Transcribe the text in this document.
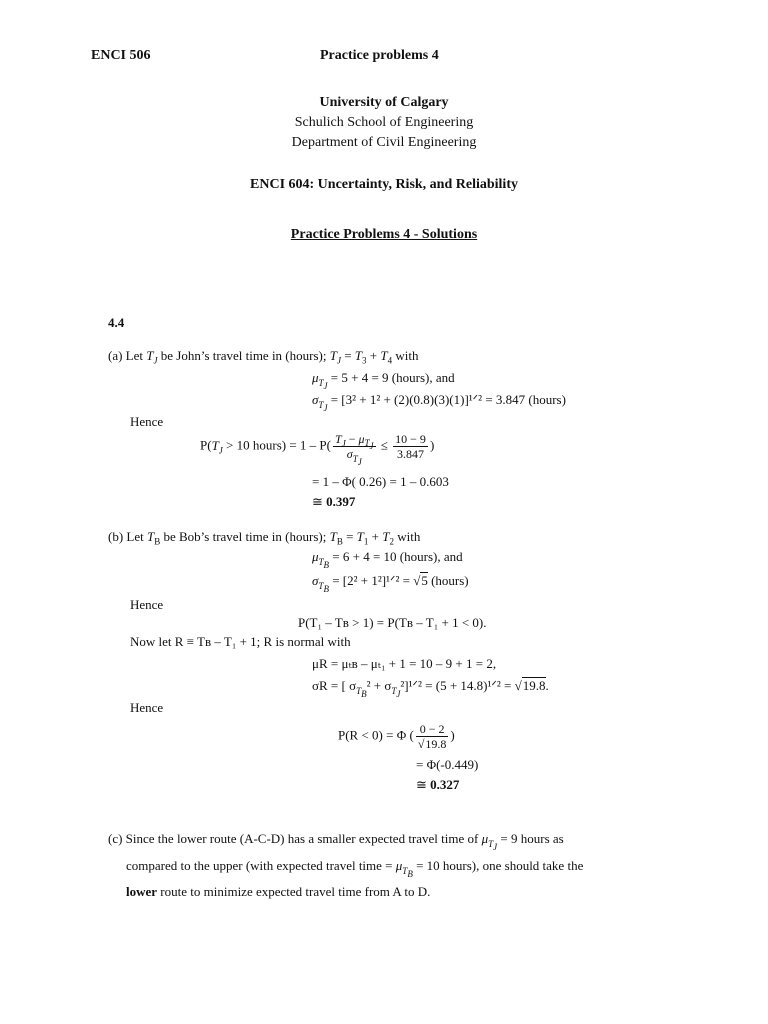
ENCI 506	Practice problems 4
University of Calgary
Schulich School of Engineering
Department of Civil Engineering
ENCI 604: Uncertainty, Risk, and Reliability
Practice Problems 4 - Solutions
4.4
(a) Let $T_J$ be John’s travel time in (hours); $T_J = T_3 + T_4$ with
$\mu_{T_J} = 5 + 4 = 9$ (hours), and
$\sigma_{T_J} = [3^2 + 1^2$ + (2)(0.8)(3)(1)]¹ᐟ² = 3.847 (hours)
Hence
$P(T_J > 10$ hours) = $1 - P( \frac{T_J - \mu_{T_J}}{\sigma_{T_J}} \le \frac{10 - 9}{3.847}$ )
= 1 – Φ( 0.26) = 1 – 0.603
≅ 0.397
(b) Let $T_B$ be Bob’s travel time in (hours); $T_B = T_1 + T_2$ with
$\mu_{T_B} = 6 + 4 = 10$ (hours), and
$\sigma_{T_B} = [2^2$ + 1²]¹ᐟ² = √5 (hours)
Hence
P(T₁ – Tʙ > 1) = P(Tʙ – T₁ + 1 < 0).
Now let R ≡ Tʙ – T₁ + 1; R is normal with
μR = μₜʙ – μₜ₁ + 1 = 10 – 9 + 1 = 2,
σR = [ $\sigma_{T_B}^2$ + $\sigma_{T_J}^2]^1ᐟ^2 = (5$ + 14.8)¹ᐟ² = √19.8.
Hence
P(R < 0) = Φ ( $\frac{0 - 2}{√19.8}$ )
= Φ(-0.449)
≅ 0.327
(c) Since the lower route (A-C-D) has a smaller expected travel time of $\mu_{T_J} = 9$ hours as
compared to the upper (with expected travel time = $\mu_{T_B} = 10$ hours), one should take the
lower route to minimize expected travel time from A to D.
